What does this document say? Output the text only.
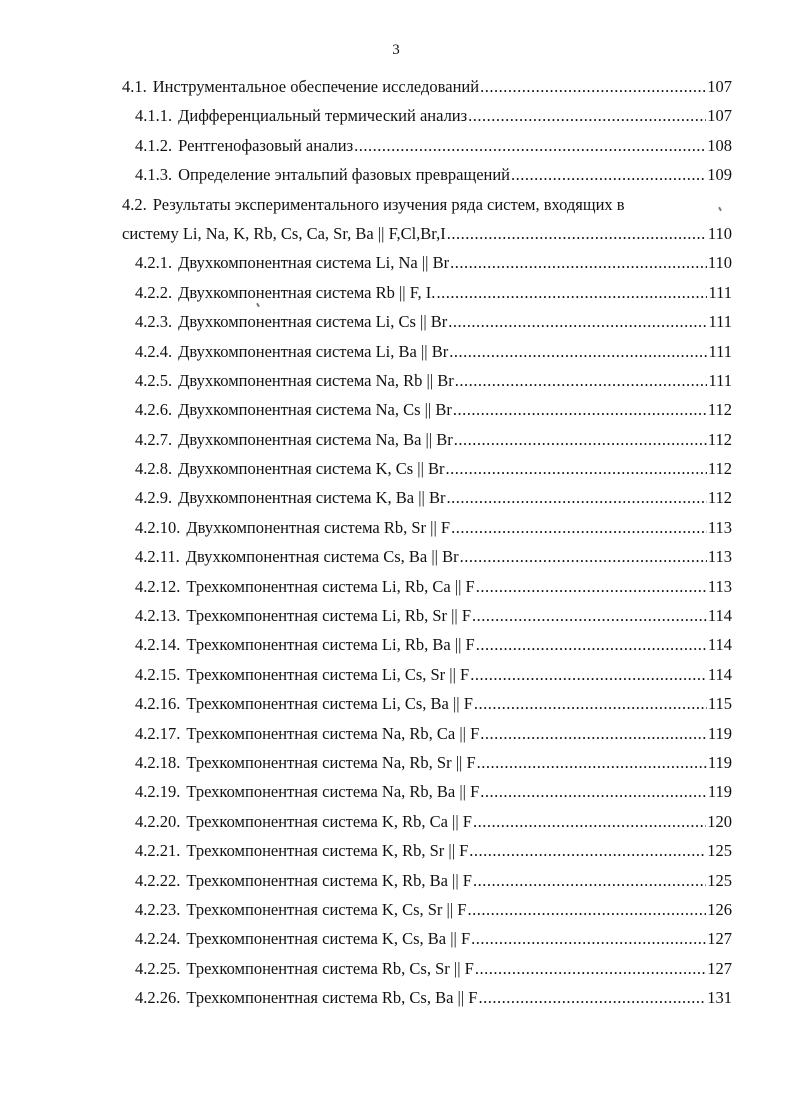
3
4.1. Инструментальное обеспечение исследований .....	107
4.1.1. Дифференциальный термический анализ .....	107
4.1.2. Рентгенофазовый анализ .....	108
4.1.3. Определение энтальпий фазовых превращений .....	109
4.2. Результаты экспериментального изучения ряда систем, входящих в
систему Li, Na, K, Rb, Cs, Ca, Sr, Ba || F,Cl,Br,I .....	110
4.2.1. Двухкомпонентная система Li, Na || Br .....	110
4.2.2. Двухкомпонентная система Rb || F, I. .....	111
4.2.3. Двухкомпонентная система Li, Cs || Br .....	111
4.2.4. Двухкомпонентная система Li, Ba || Br .....	111
4.2.5. Двухкомпонентная система Na, Rb || Br .....	111
4.2.6. Двухкомпонентная система Na, Cs || Br .....	112
4.2.7. Двухкомпонентная система Na, Ba || Br .....	112
4.2.8. Двухкомпонентная система K, Cs || Br .....	112
4.2.9. Двухкомпонентная система K, Ba || Br .....	112
4.2.10. Двухкомпонентная система Rb, Sr || F .....	113
4.2.11. Двухкомпонентная система Cs, Ba || Br .....	113
4.2.12. Трехкомпонентная система Li, Rb, Ca || F .....	113
4.2.13. Трехкомпонентная система Li, Rb, Sr || F .....	114
4.2.14. Трехкомпонентная система Li, Rb, Ba || F .....	114
4.2.15. Трехкомпонентная система Li, Cs, Sr || F .....	114
4.2.16. Трехкомпонентная система Li, Cs, Ba || F .....	115
4.2.17. Трехкомпонентная система Na, Rb, Ca || F .....	119
4.2.18. Трехкомпонентная система Na, Rb, Sr || F .....	119
4.2.19. Трехкомпонентная система Na, Rb, Ba || F .....	119
4.2.20. Трехкомпонентная система K, Rb, Ca || F .....	120
4.2.21. Трехкомпонентная система K, Rb, Sr || F .....	125
4.2.22. Трехкомпонентная система K, Rb, Ba || F .....	125
4.2.23. Трехкомпонентная система K, Cs, Sr || F .....	126
4.2.24. Трехкомпонентная система K, Cs, Ba || F .....	127
4.2.25. Трехкомпонентная система Rb, Cs, Sr || F .....	127
4.2.26. Трехкомпонентная система Rb, Cs, Ba || F .....	131
